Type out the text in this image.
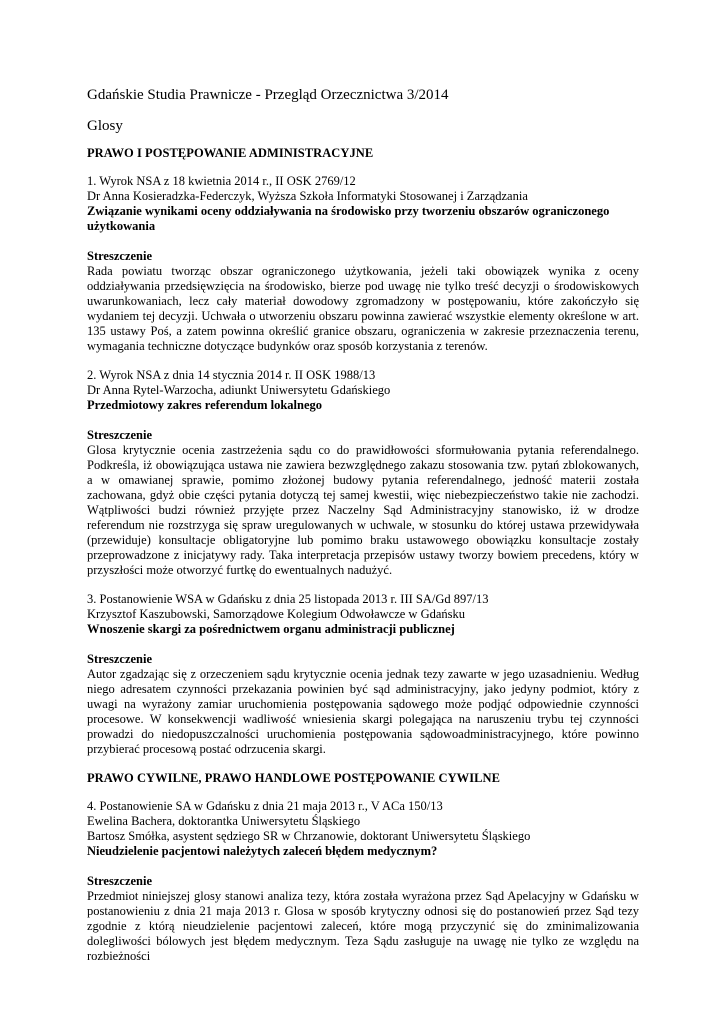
Gdańskie Studia Prawnicze - Przegląd Orzecznictwa 3/2014
Glosy
PRAWO I POSTĘPOWANIE ADMINISTRACYJNE
1. Wyrok NSA z 18 kwietnia 2014 r., II OSK 2769/12
Dr Anna Kosieradzka-Federczyk, Wyższa Szkoła Informatyki Stosowanej i Zarządzania
Związanie wynikami oceny oddziaływania na środowisko przy tworzeniu obszarów ograniczonego użytkowania
Streszczenie
Rada powiatu tworząc obszar ograniczonego użytkowania, jeżeli taki obowiązek wynika z oceny oddziaływania przedsięwzięcia na środowisko, bierze pod uwagę nie tylko treść decyzji o środowiskowych uwarunkowaniach, lecz cały materiał dowodowy zgromadzony w postępowaniu, które zakończyło się wydaniem tej decyzji. Uchwała o utworzeniu obszaru powinna zawierać wszystkie elementy określone w art. 135 ustawy Poś, a zatem powinna określić granice obszaru, ograniczenia w zakresie przeznaczenia terenu, wymagania techniczne dotyczące budynków oraz sposób korzystania z terenów.
2. Wyrok NSA z dnia 14 stycznia 2014 r. II OSK 1988/13
Dr Anna Rytel-Warzocha, adiunkt Uniwersytetu Gdańskiego
Przedmiotowy zakres referendum lokalnego
Streszczenie
Glosa krytycznie ocenia zastrzeżenia sądu co do prawidłowości sformułowania pytania referendalnego. Podkreśla, iż obowiązująca ustawa nie zawiera bezwzględnego zakazu stosowania tzw. pytań zblokowanych, a w omawianej sprawie, pomimo złożonej budowy pytania referendalnego, jedność materii została zachowana, gdyż obie części pytania dotyczą tej samej kwestii, więc niebezpieczeństwo takie nie zachodzi. Wątpliwości budzi również przyjęte przez Naczelny Sąd Administracyjny stanowisko, iż w drodze referendum nie rozstrzyga się spraw uregulowanych w uchwale, w stosunku do której ustawa przewidywała (przewiduje) konsultacje obligatoryjne lub pomimo braku ustawowego obowiązku konsultacje zostały przeprowadzone z inicjatywy rady. Taka interpretacja przepisów ustawy tworzy bowiem precedens, który w przyszłości może otworzyć furtkę do ewentualnych nadużyć.
3. Postanowienie WSA w Gdańsku z dnia 25 listopada 2013 r. III SA/Gd 897/13
Krzysztof Kaszubowski, Samorządowe Kolegium Odwoławcze w Gdańsku
Wnoszenie skargi za pośrednictwem organu administracji publicznej
Streszczenie
Autor zgadzając się z orzeczeniem sądu krytycznie ocenia jednak tezy zawarte w jego uzasadnieniu. Według niego adresatem czynności przekazania powinien być sąd administracyjny, jako jedyny podmiot, który z uwagi na wyrażony zamiar uruchomienia postępowania sądowego może podjąć odpowiednie czynności procesowe. W konsekwencji wadliwość wniesienia skargi polegająca na naruszeniu trybu tej czynności prowadzi do niedopuszczalności uruchomienia postępowania sądowoadministracyjnego, które powinno przybierać procesową postać odrzucenia skargi.
PRAWO CYWILNE, PRAWO HANDLOWE POSTĘPOWANIE CYWILNE
4. Postanowienie SA w Gdańsku z dnia 21 maja 2013 r., V ACa 150/13
Ewelina Bachera, doktorantka Uniwersytetu Śląskiego
Bartosz Smółka, asystent sędziego SR w Chrzanowie, doktorant Uniwersytetu Śląskiego
Nieudzielenie pacjentowi należytych zaleceń błędem medycznym?
Streszczenie
Przedmiot niniejszej glosy stanowi analiza tezy, która została wyrażona przez Sąd Apelacyjny w Gdańsku w postanowieniu z dnia 21 maja 2013 r. Glosa w sposób krytyczny odnosi się do postanowień przez Sąd tezy zgodnie z którą nieudzielenie pacjentowi zaleceń, które mogą przyczynić się do zminimalizowania dolegliwości bólowych jest błędem medycznym. Teza Sądu zasługuje na uwagę nie tylko ze względu na rozbieżności
